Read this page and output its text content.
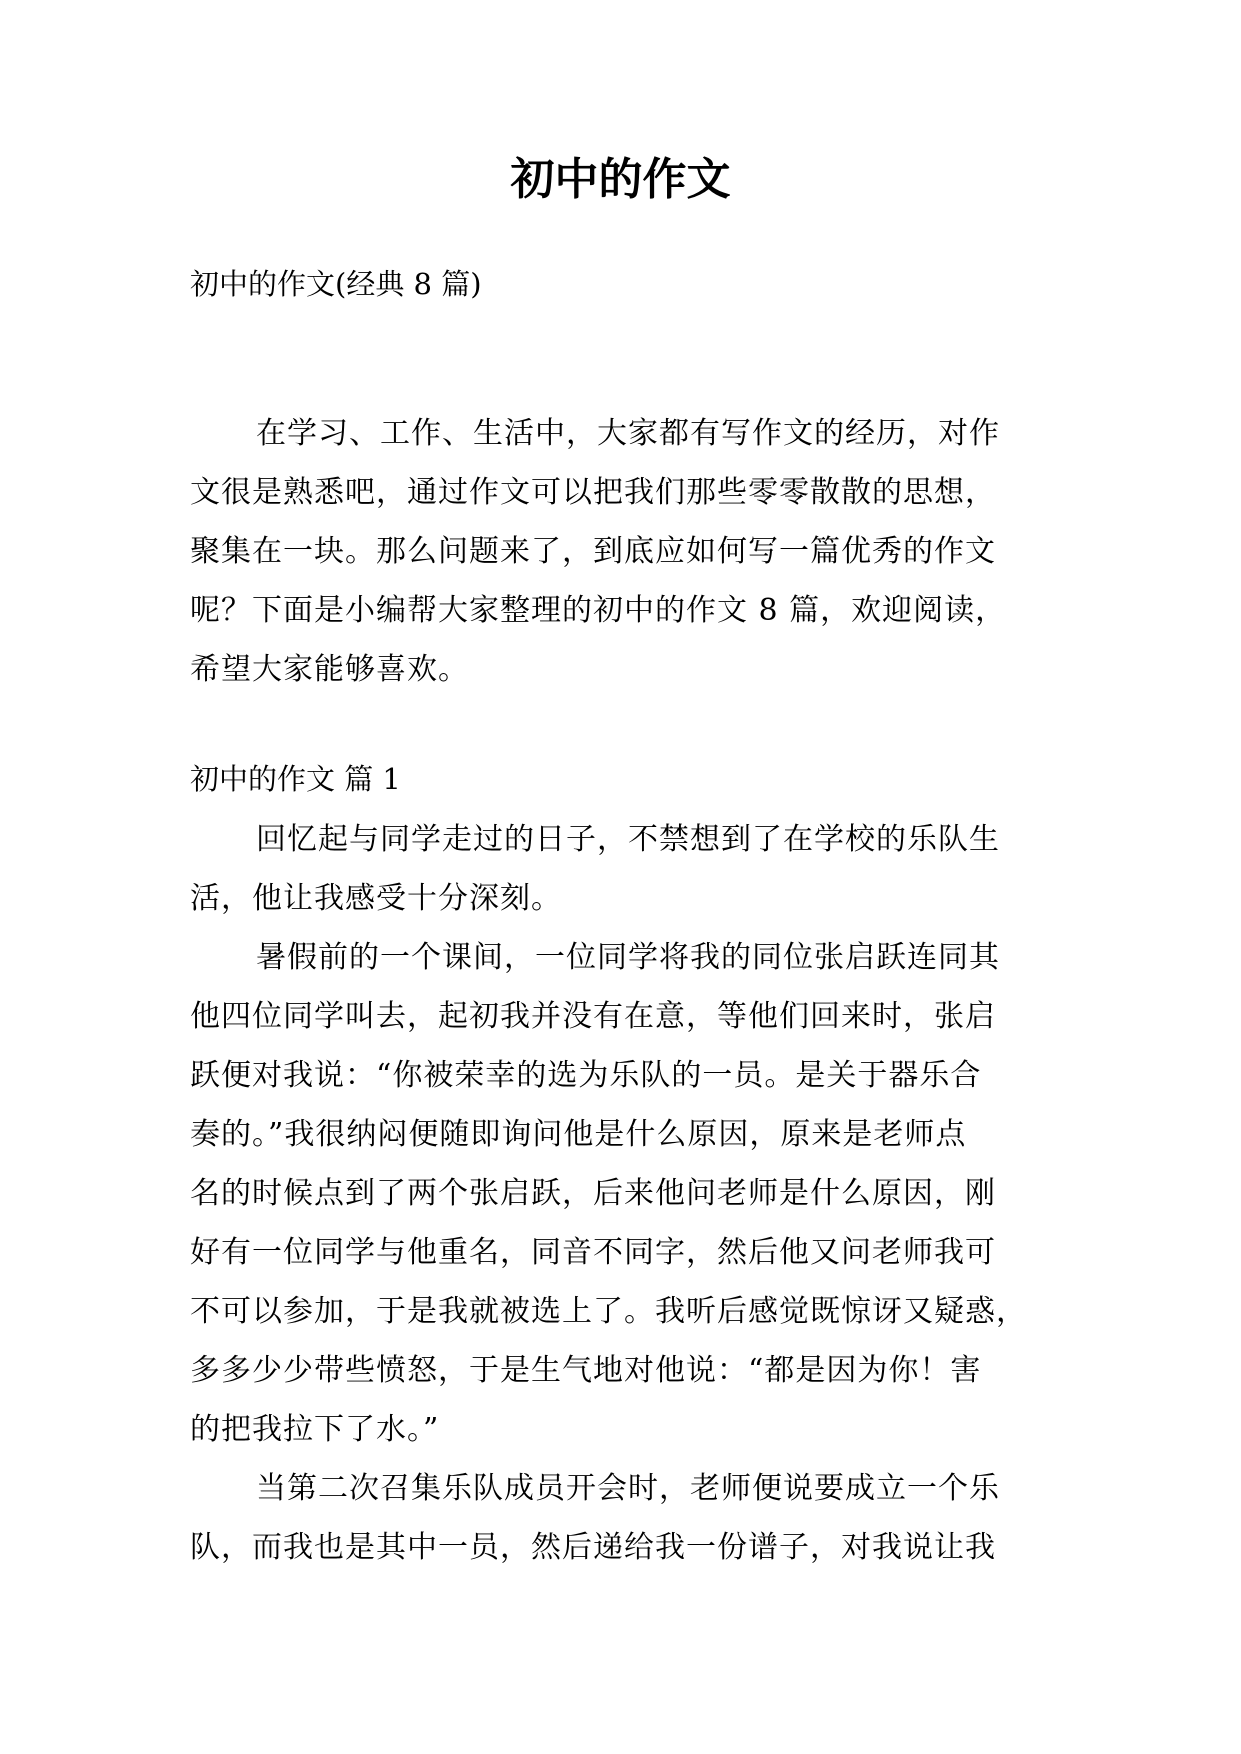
初中的作文
初中的作文(经典 8 篇)
在学习、工作、生活中，大家都有写作文的经历，对作
文很是熟悉吧，通过作文可以把我们那些零零散散的思想，
聚集在一块。那么问题来了，到底应如何写一篇优秀的作文
呢？下面是小编帮大家整理的初中的作文 8 篇，欢迎阅读，
希望大家能够喜欢。
初中的作文 篇 1
回忆起与同学走过的日子，不禁想到了在学校的乐队生
活，他让我感受十分深刻。
暑假前的一个课间，一位同学将我的同位张启跃连同其
他四位同学叫去，起初我并没有在意，等他们回来时，张启
跃便对我说：“你被荣幸的选为乐队的一员。是关于器乐合
奏的。”我很纳闷便随即询问他是什么原因，原来是老师点
名的时候点到了两个张启跃，后来他问老师是什么原因，刚
好有一位同学与他重名，同音不同字，然后他又问老师我可
不可以参加，于是我就被选上了。我听后感觉既惊讶又疑惑，
多多少少带些愤怒，于是生气地对他说：“都是因为你！害
的把我拉下了水。”
当第二次召集乐队成员开会时，老师便说要成立一个乐
队，而我也是其中一员，然后递给我一份谱子，对我说让我
